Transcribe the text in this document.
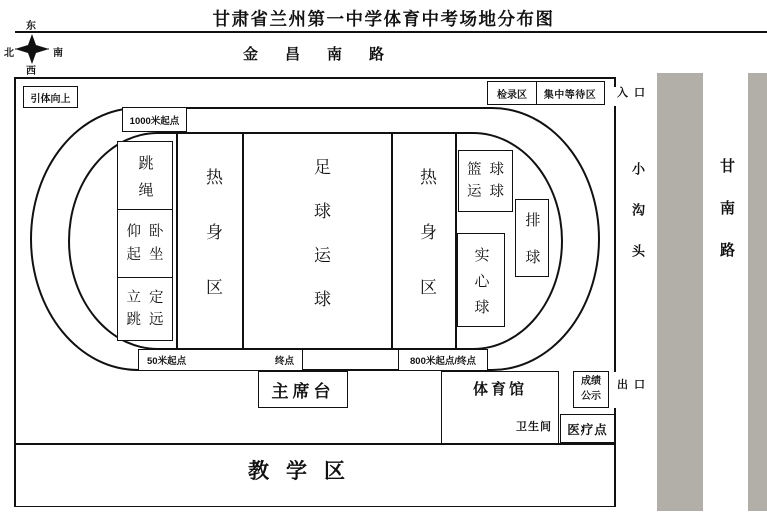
甘肃省兰州第一中学体育中考场地分布图
金昌南路
东
北	南
西
小沟头	甘南路
入口
出口
1000米起点
50米起点	终点	800米起点/终点
引体向上	检录区 集中等待区
热身区	足球运球	热身区
跳绳
仰卧
起坐
立定
跳远
篮球
运球
排球
实心球
主席台	体育馆
卫生间
成绩
公示
医疗点
教学区
